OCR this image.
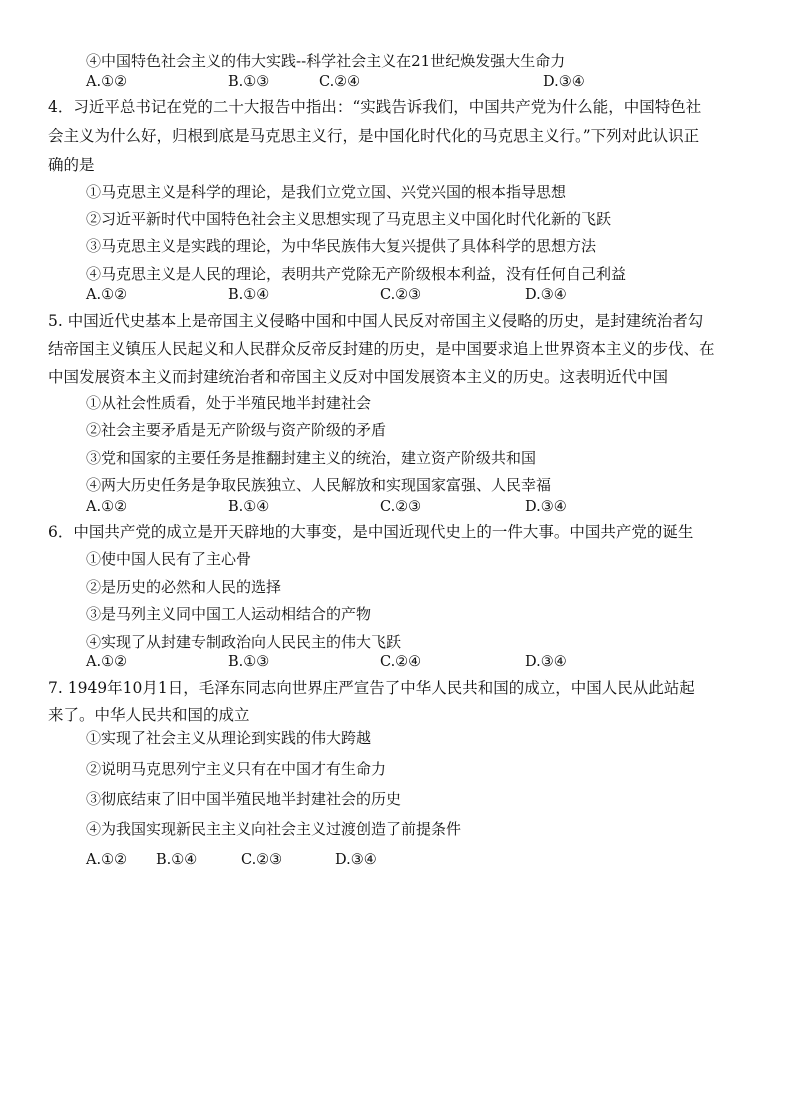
④中国特色社会主义的伟大实践--科学社会主义在21世纪焕发强大生命力
A.①②	B.①③	C.②④	D.③④
4．习近平总书记在党的二十大报告中指出：“实践告诉我们，中国共产党为什么能，中国特色社
会主义为什么好，归根到底是马克思主义行，是中国化时代化的马克思主义行。”下列对此认识正
确的是
①马克思主义是科学的理论，是我们立党立国、兴党兴国的根本指导思想
②习近平新时代中国特色社会主义思想实现了马克思主义中国化时代化新的飞跃
③马克思主义是实践的理论，为中华民族伟大复兴提供了具体科学的思想方法
④马克思主义是人民的理论，表明共产党除无产阶级根本利益，没有任何自己利益
A.①②	B.①④	C.②③	D.③④
5. 中国近代史基本上是帝国主义侵略中国和中国人民反对帝国主义侵略的历史，是封建统治者勾
结帝国主义镇压人民起义和人民群众反帝反封建的历史，是中国要求追上世界资本主义的步伐、在
中国发展资本主义而封建统治者和帝国主义反对中国发展资本主义的历史。这表明近代中国
①从社会性质看，处于半殖民地半封建社会
②社会主要矛盾是无产阶级与资产阶级的矛盾
③党和国家的主要任务是推翻封建主义的统治，建立资产阶级共和国
④两大历史任务是争取民族独立、人民解放和实现国家富强、人民幸福
A.①②	B.①④	C.②③	D.③④
6．中国共产党的成立是开天辟地的大事变，是中国近现代史上的一件大事。中国共产党的诞生
①使中国人民有了主心骨
②是历史的必然和人民的选择
③是马列主义同中国工人运动相结合的产物
④实现了从封建专制政治向人民民主的伟大飞跃
A.①②	B.①③	C.②④	D.③④
7. 1949年10月1日，毛泽东同志向世界庄严宣告了中华人民共和国的成立，中国人民从此站起
来了。中华人民共和国的成立
①实现了社会主义从理论到实践的伟大跨越
②说明马克思列宁主义只有在中国才有生命力
③彻底结束了旧中国半殖民地半封建社会的历史
④为我国实现新民主主义向社会主义过渡创造了前提条件
A.①② B.①④	C.②③	D.③④
